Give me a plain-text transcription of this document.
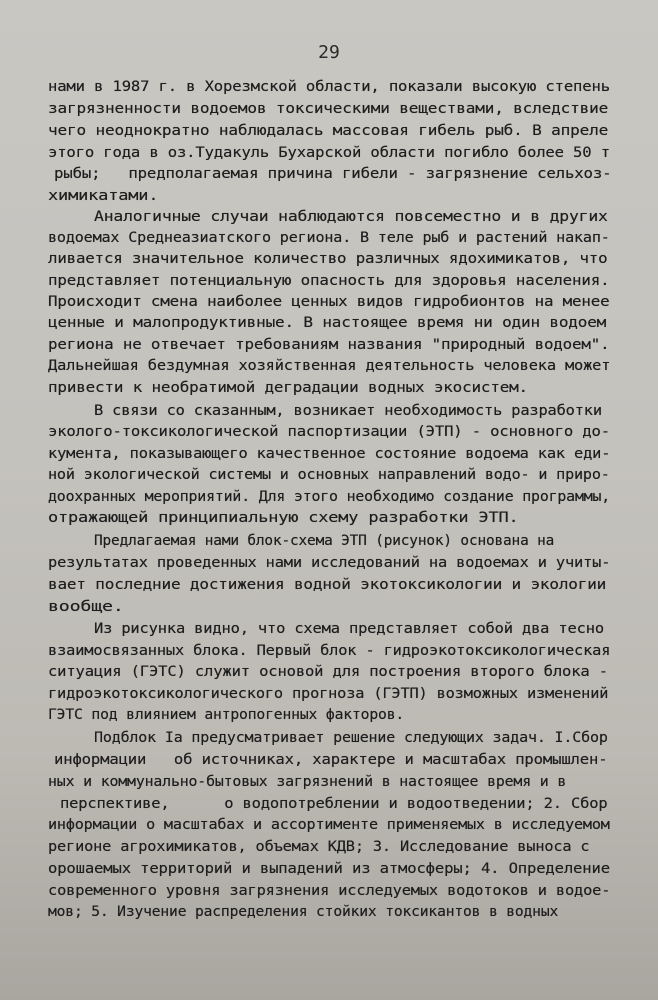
29
нами в 1987 г. в Хорезмской области, показали высокую степень
загрязненности водоемов токсическими веществами, вследствие
чего неоднократно наблюдалась массовая гибель рыб. В апреле
этого года в оз.Тудакуль Бухарской области погибло более 50 т
рыбы;   предполагаемая причина гибели - загрязнение сельхоз-
химикатами.
Аналогичные случаи наблюдаются повсеместно и в других
водоемах Среднеазиатского региона. В теле рыб и растений накап-
ливается значительное количество различных ядохимикатов, что
представляет потенциальную опасность для здоровья населения.
Происходит смена наиболее ценных видов гидробионтов на менее
ценные и малопродуктивные. В настоящее время ни один водоем
региона не отвечает требованиям названия "природный водоем".
Дальнейшая бездумная хозяйственная деятельность человека может
привести к необратимой деградации водных экосистем.
В связи со сказанным, возникает необходимость разработки
эколого-токсикологической паспортизации (ЭТП) - основного до-
кумента, показывающего качественное состояние водоема как еди-
ной экологической системы и основных направлений водо- и приро-
доохранных мероприятий. Для этого необходимо создание программы,
отражающей принципиальную схему разработки ЭТП.
Предлагаемая нами блок-схема ЭТП (рисунок) основана на
результатах проведенных нами исследований на водоемах и учиты-
вает последние достижения водной экотоксикологии и экологии
вообще.
Из рисунка видно, что схема представляет собой два тесно
взаимосвязанных блока. Первый блок - гидроэкотоксикологическая
ситуация (ГЭТС) служит основой для построения второго блока -
гидроэкотоксикологического прогноза (ГЭТП) возможных изменений
ГЭТС под влиянием антропогенных факторов.
Подблок Ia предусматривает решение следующих задач. I.Сбор
информации   об источниках, характере и масштабах промышлен-
ных и коммунально-бытовых загрязнений в настоящее время и в
перспективе,      о водопотреблении и водоотведении; 2. Сбор
информации о масштабах и ассортименте применяемых в исследуемом
регионе агрохимикатов, объемах КДВ; 3. Исследование выноса с
орошаемых территорий и выпадений из атмосферы; 4. Определение
современного уровня загрязнения исследуемых водотоков и водое-
мов; 5. Изучение распределения стойких токсикантов в водных
